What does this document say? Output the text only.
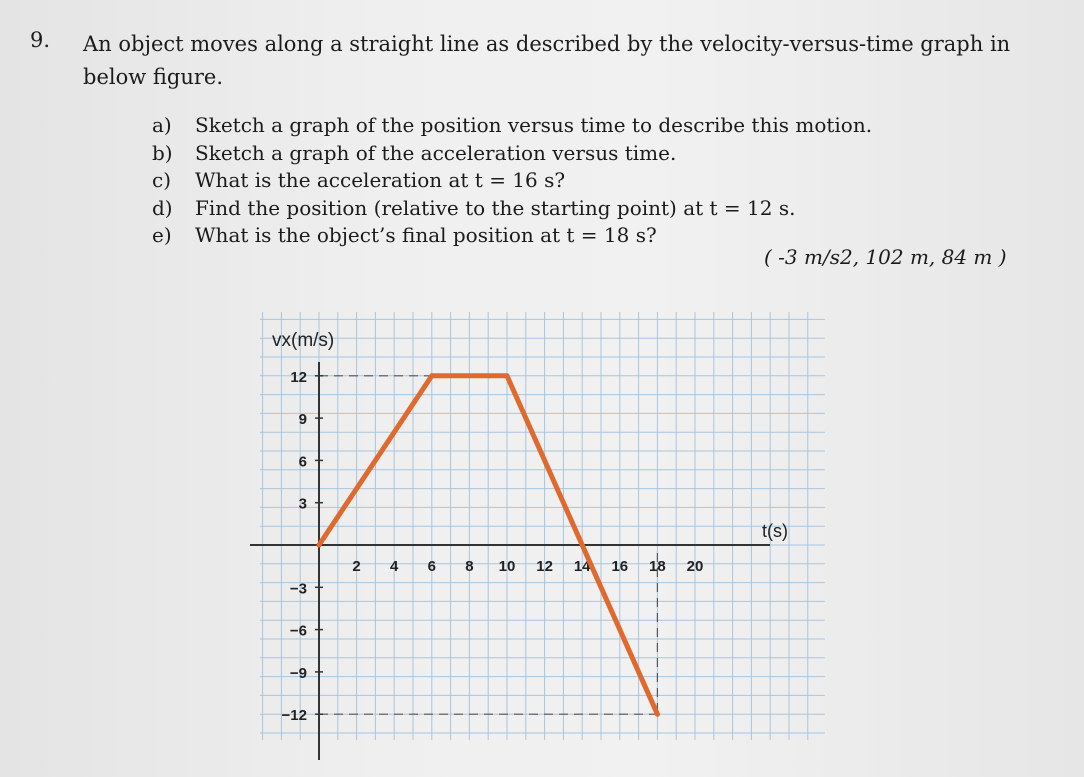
9. An object moves along a straight line as described by the velocity-versus-time graph in below figure.
a)	Sketch a graph of the position versus time to describe this motion.
b)	Sketch a graph of the acceleration versus time.
c)	What is the acceleration at t = 16 s?
d)	Find the position (relative to the starting point) at t = 12 s.
e)	What is the object’s final position at t = 18 s?
( -3 m/s2, 102 m, 84 m )
12
9
6
3
−3
−6
−9
−12
2 4 6 8 10 12 14 16 18 20
vx(m/s)
t(s)
